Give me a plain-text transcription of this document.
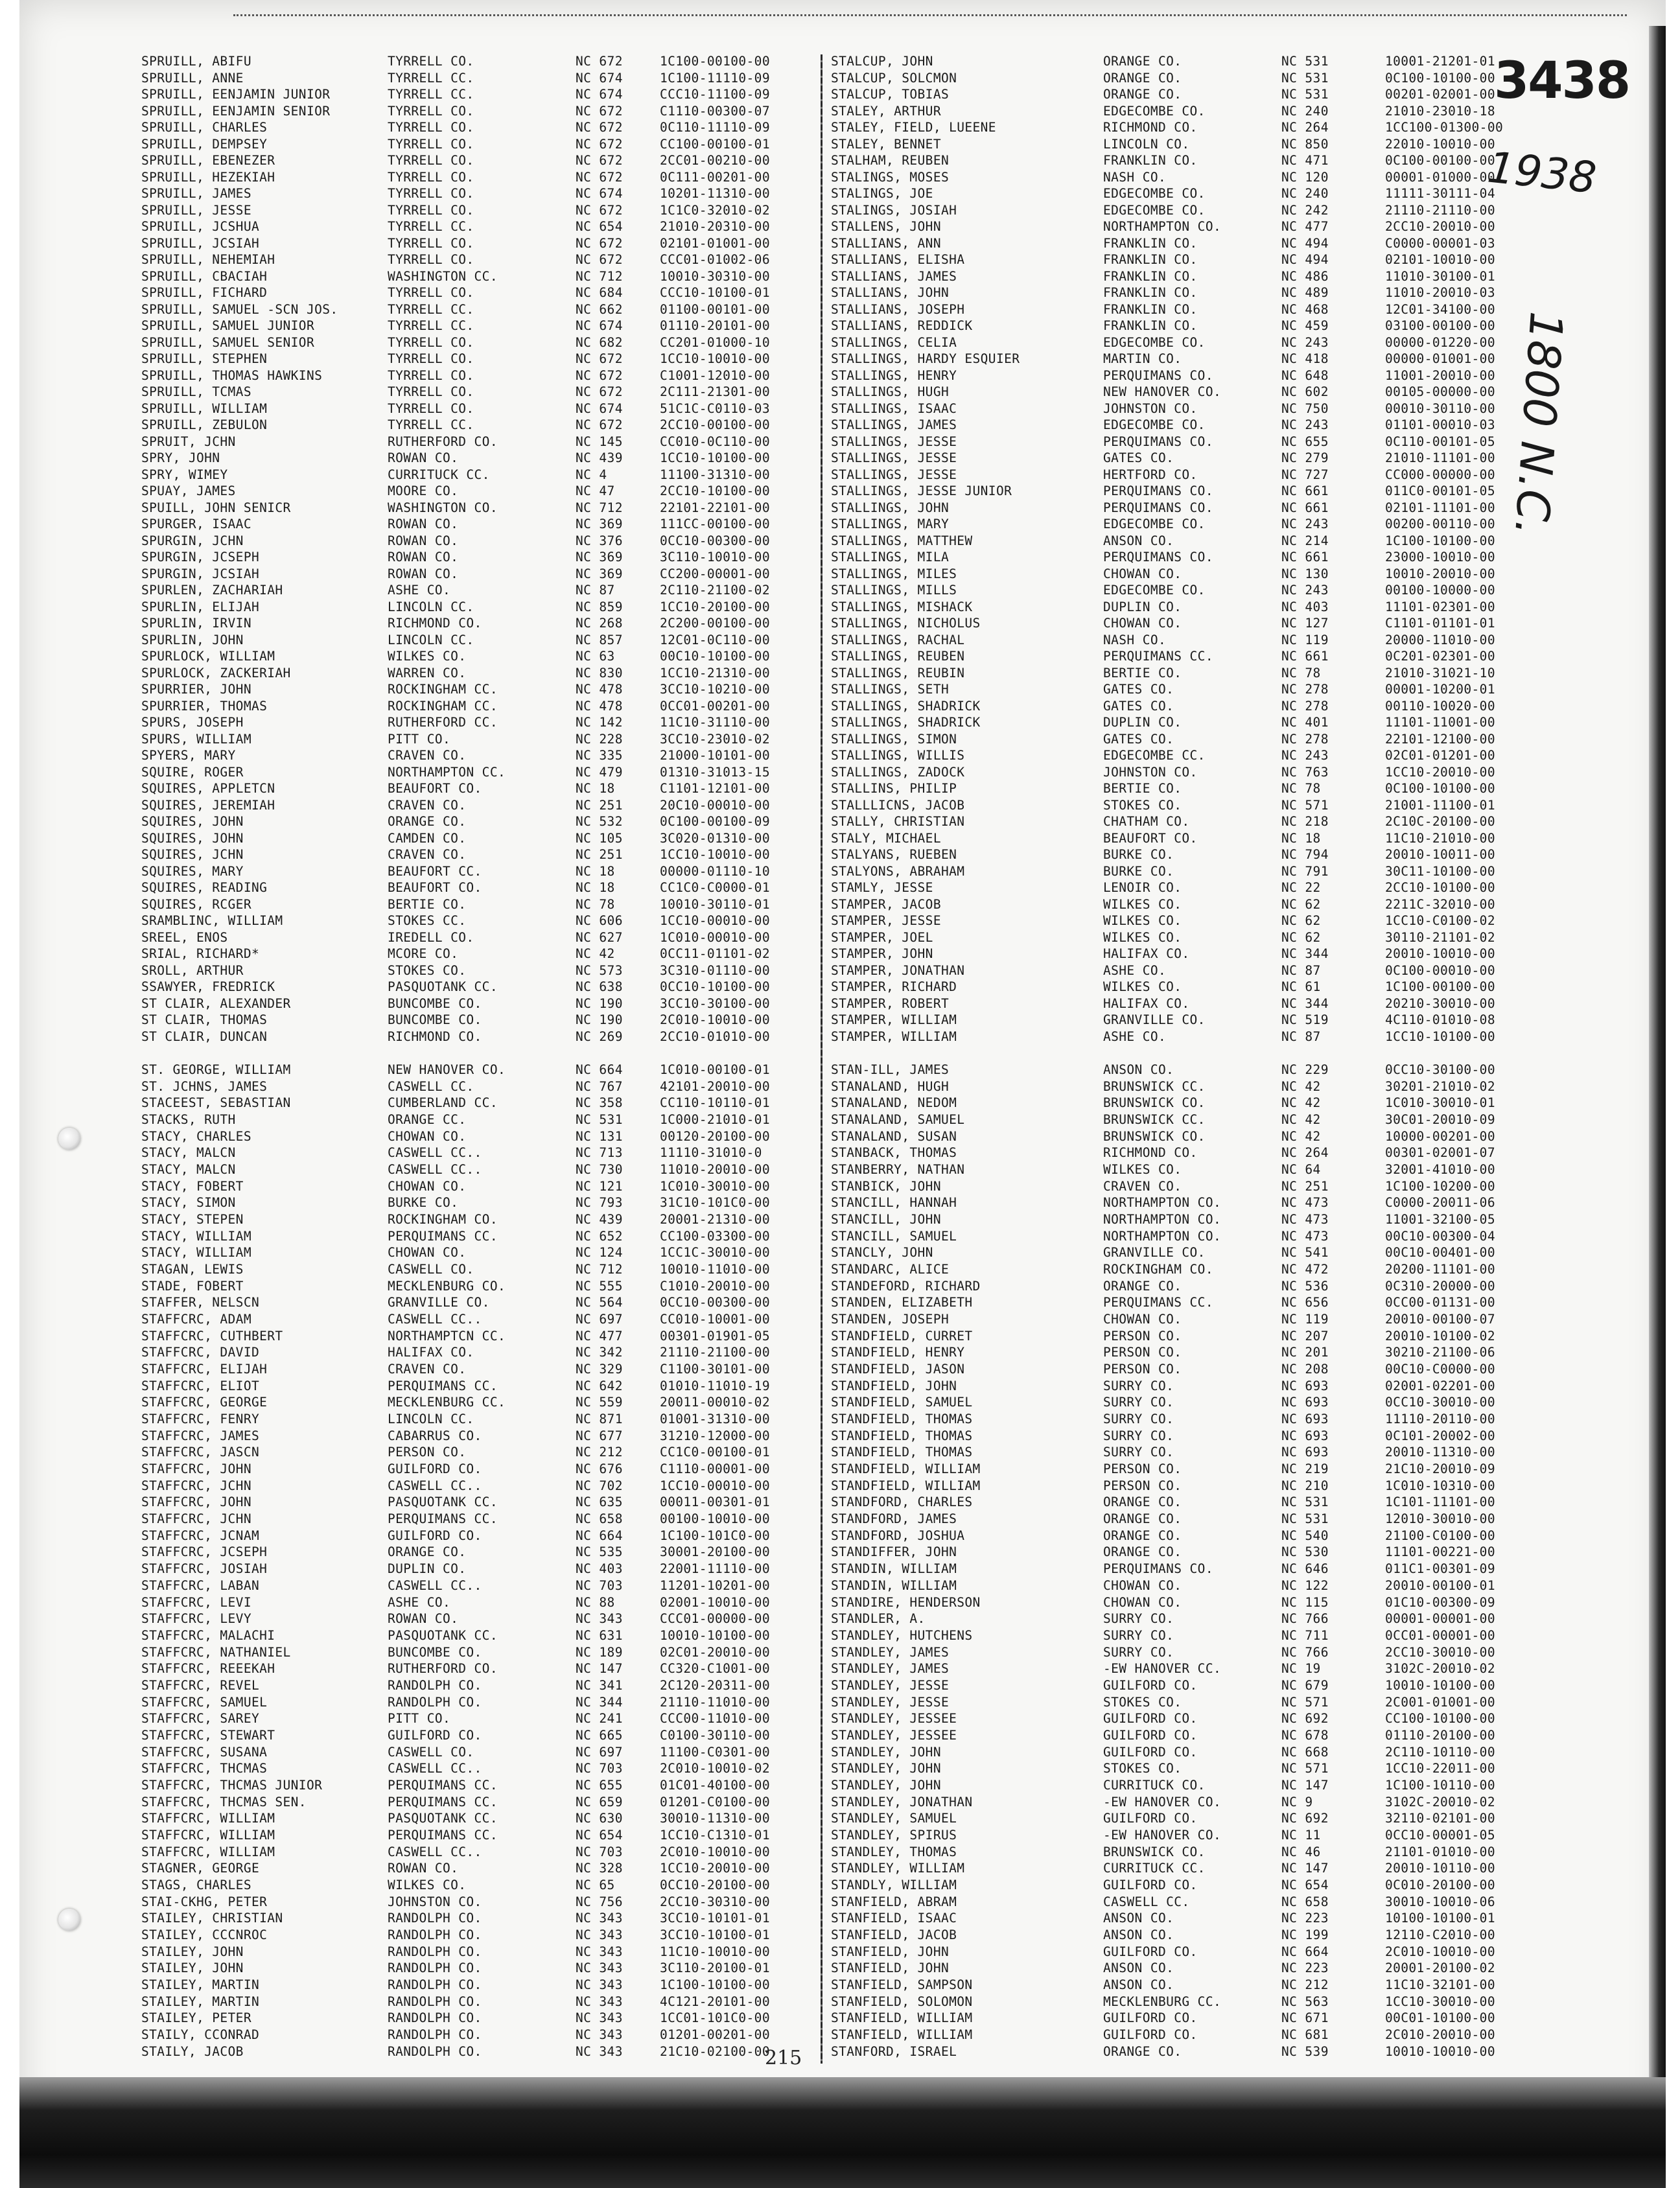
3438
1938
1800 N.C.
SPRUILL, ABIFU	TYRRELL CO.	NC 672	1C100-00100-00
SPRUILL, ANNE	TYRRELL CC.	NC 674	1C100-11110-09
SPRUILL, EENJAMIN JUNIOR	TYRRELL CC.	NC 674	CCC10-11100-09
SPRUILL, EENJAMIN SENIOR	TYRRELL CO.	NC 672	C1110-00300-07
SPRUILL, CHARLES	TYRRELL CO.	NC 672	0C110-11110-09
SPRUILL, DEMPSEY	TYRRELL CO.	NC 672	CC100-00100-01
SPRUILL, EBENEZER	TYRRELL CO.	NC 672	2CC01-00210-00
SPRUILL, HEZEKIAH	TYRRELL CO.	NC 672	0C111-00201-00
SPRUILL, JAMES	TYRRELL CO.	NC 674	10201-11310-00
SPRUILL, JESSE	TYRRELL CO.	NC 672	1C1C0-32010-02
SPRUILL, JCSHUA	TYRRELL CC.	NC 654	21010-20310-00
SPRUILL, JCSIAH	TYRRELL CO.	NC 672	02101-01001-00
SPRUILL, NEHEMIAH	TYRRELL CO.	NC 672	CCC01-01002-06
SPRUILL, CBACIAH	WASHINGTON CC.	NC 712	10010-30310-00
SPRUILL, FICHARD	TYRRELL CO.	NC 684	CCC10-10100-01
SPRUILL, SAMUEL -SCN JOS.	TYRRELL CC.	NC 662	01100-00101-00
SPRUILL, SAMUEL JUNIOR	TYRRELL CC.	NC 674	01110-20101-00
SPRUILL, SAMUEL SENIOR	TYRRELL CO.	NC 682	CC201-01000-10
SPRUILL, STEPHEN	TYRRELL CO.	NC 672	1CC10-10010-00
SPRUILL, THOMAS HAWKINS	TYRRELL CO.	NC 672	C1001-12010-00
SPRUILL, TCMAS	TYRRELL CO.	NC 672	2C111-21301-00
SPRUILL, WILLIAM	TYRRELL CO.	NC 674	51C1C-C0110-03
SPRUILL, ZEBULON	TYRRELL CC.	NC 672	2CC10-00100-00
SPRUIT, JCHN	RUTHERFORD CO.	NC 145	CC010-0C110-00
SPRY, JOHN	ROWAN CO.	NC 439	1CC10-10100-00
SPRY, WIMEY	CURRITUCK CC.	NC 4	11100-31310-00
SPUAY, JAMES	MOORE CO.	NC 47	2CC10-10100-00
SPUILL, JOHN SENICR	WASHINGTON CO.	NC 712	22101-22101-00
SPURGER, ISAAC	ROWAN CO.	NC 369	111CC-00100-00
SPURGIN, JCHN	ROWAN CO.	NC 376	0CC10-00300-00
SPURGIN, JCSEPH	ROWAN CO.	NC 369	3C110-10010-00
SPURGIN, JCSIAH	ROWAN CO.	NC 369	CC200-00001-00
SPURLEN, ZACHARIAH	ASHE CO.	NC 87	2C110-21100-02
SPURLIN, ELIJAH	LINCOLN CC.	NC 859	1CC10-20100-00
SPURLIN, IRVIN	RICHMOND CO.	NC 268	2C200-00100-00
SPURLIN, JOHN	LINCOLN CC.	NC 857	12C01-0C110-00
SPURLOCK, WILLIAM	WILKES CO.	NC 63	00C10-10100-00
SPURLOCK, ZACKERIAH	WARREN CO.	NC 830	1CC10-21310-00
SPURRIER, JOHN	ROCKINGHAM CC.	NC 478	3CC10-10210-00
SPURRIER, THOMAS	ROCKINGHAM CC.	NC 478	0CC01-00201-00
SPURS, JOSEPH	RUTHERFORD CC.	NC 142	11C10-31110-00
SPURS, WILLIAM	PITT CO.	NC 228	3CC10-23010-02
SPYERS, MARY	CRAVEN CO.	NC 335	21000-10101-00
SQUIRE, ROGER	NORTHAMPTON CC.	NC 479	01310-31013-15
SQUIRES, APPLETCN	BEAUFORT CO.	NC 18	C1101-12101-00
SQUIRES, JEREMIAH	CRAVEN CO.	NC 251	20C10-00010-00
SQUIRES, JOHN	ORANGE CO.	NC 532	0C100-00100-09
SQUIRES, JOHN	CAMDEN CO.	NC 105	3C020-01310-00
SQUIRES, JCHN	CRAVEN CO.	NC 251	1CC10-10010-00
SQUIRES, MARY	BEAUFORT CC.	NC 18	00000-01110-10
SQUIRES, READING	BEAUFORT CO.	NC 18	CC1C0-C0000-01
SQUIRES, RCGER	BERTIE CO.	NC 78	10010-30110-01
SRAMBLINC, WILLIAM	STOKES CC.	NC 606	1CC10-00010-00
SREEL, ENOS	IREDELL CO.	NC 627	1C010-00010-00
SRIAL, RICHARD*	MCORE CO.	NC 42	0CC11-01101-02
SROLL, ARTHUR	STOKES CO.	NC 573	3C310-01110-00
SSAWYER, FREDRICK	PASQUOTANK CC.	NC 638	0CC10-10100-00
ST CLAIR, ALEXANDER	BUNCOMBE CO.	NC 190	3CC10-30100-00
ST CLAIR, THOMAS	BUNCOMBE CO.	NC 190	2C010-10010-00
ST CLAIR, DUNCAN	RICHMOND CO.	NC 269	2CC10-01010-00
ST. GEORGE, WILLIAM	NEW HANOVER CO.	NC 664	1C010-00100-01
ST. JCHNS, JAMES	CASWELL CC.	NC 767	42101-20010-00
STACEEST, SEBASTIAN	CUMBERLAND CC.	NC 358	CC110-10110-01
STACKS, RUTH	ORANGE CC.	NC 531	1C000-21010-01
STACY, CHARLES	CHOWAN CO.	NC 131	00120-20100-00
STACY, MALCN	CASWELL CC..	NC 713	11110-31010-0
STACY, MALCN	CASWELL CC..	NC 730	11010-20010-00
STACY, FOBERT	CHOWAN CO.	NC 121	1C010-30010-00
STACY, SIMON	BURKE CO.	NC 793	31C10-101C0-00
STACY, STEPEN	ROCKINGHAM CO.	NC 439	20001-21310-00
STACY, WILLIAM	PERQUIMANS CC.	NC 652	CC100-03300-00
STACY, WILLIAM	CHOWAN CO.	NC 124	1CC1C-30010-00
STAGAN, LEWIS	CASWELL CO.	NC 712	10010-11010-00
STADE, FOBERT	MECKLENBURG CO.	NC 555	C1010-20010-00
STAFFER, NELSCN	GRANVILLE CO.	NC 564	0CC10-00300-00
STAFFCRC, ADAM	CASWELL CC..	NC 697	CC010-10001-00
STAFFCRC, CUTHBERT	NORTHAMPTCN CC.	NC 477	00301-01901-05
STAFFCRC, DAVID	HALIFAX CO.	NC 342	21110-21100-00
STAFFCRC, ELIJAH	CRAVEN CO.	NC 329	C1100-30101-00
STAFFCRC, ELIOT	PERQUIMANS CC.	NC 642	01010-11010-19
STAFFCRC, GEORGE	MECKLENBURG CC.	NC 559	20011-00010-02
STAFFCRC, FENRY	LINCOLN CC.	NC 871	01001-31310-00
STAFFCRC, JAMES	CABARRUS CO.	NC 677	31210-12000-00
STAFFCRC, JASCN	PERSON CO.	NC 212	CC1C0-00100-01
STAFFCRC, JOHN	GUILFORD CO.	NC 676	C1110-00001-00
STAFFCRC, JCHN	CASWELL CC..	NC 702	1CC10-00010-00
STAFFCRC, JOHN	PASQUOTANK CC.	NC 635	00011-00301-01
STAFFCRC, JCHN	PERQUIMANS CC.	NC 658	00100-10010-00
STAFFCRC, JCNAM	GUILFORD CO.	NC 664	1C100-101C0-00
STAFFCRC, JCSEPH	ORANGE CO.	NC 535	30001-20100-00
STAFFCRC, JOSIAH	DUPLIN CO.	NC 403	22001-11110-00
STAFFCRC, LABAN	CASWELL CC..	NC 703	11201-10201-00
STAFFCRC, LEVI	ASHE CO.	NC 88	02001-10010-00
STAFFCRC, LEVY	ROWAN CO.	NC 343	CCC01-00000-00
STAFFCRC, MALACHI	PASQUOTANK CC.	NC 631	10010-10100-00
STAFFCRC, NATHANIEL	BUNCOMBE CO.	NC 189	02C01-20010-00
STAFFCRC, REEEKAH	RUTHERFORD CO.	NC 147	CC320-C1001-00
STAFFCRC, REVEL	RANDOLPH CO.	NC 341	2C120-20311-00
STAFFCRC, SAMUEL	RANDOLPH CO.	NC 344	21110-11010-00
STAFFCRC, SAREY	PITT CO.	NC 241	CCC00-11010-00
STAFFCRC, STEWART	GUILFORD CO.	NC 665	C0100-30110-00
STAFFCRC, SUSANA	CASWELL CO.	NC 697	11100-C0301-00
STAFFCRC, THCMAS	CASWELL CC..	NC 703	2C010-10010-02
STAFFCRC, THCMAS JUNIOR	PERQUIMANS CC.	NC 655	01C01-40100-00
STAFFCRC, THCMAS SEN.	PERQUIMANS CC.	NC 659	01201-C0100-00
STAFFCRC, WILLIAM	PASQUOTANK CC.	NC 630	30010-11310-00
STAFFCRC, WILLIAM	PERQUIMANS CC.	NC 654	1CC10-C1310-01
STAFFCRC, WILLIAM	CASWELL CC..	NC 703	2C010-10010-00
STAGNER, GEORGE	ROWAN CO.	NC 328	1CC10-20010-00
STAGS, CHARLES	WILKES CO.	NC 65	0CC10-20100-00
STAI-CKHG, PETER	JOHNSTON CO.	NC 756	2CC10-30310-00
STAILEY, CHRISTIAN	RANDOLPH CO.	NC 343	3CC10-10101-01
STAILEY, CCCNROC	RANDOLPH CO.	NC 343	3CC10-10100-01
STAILEY, JOHN	RANDOLPH CO.	NC 343	11C10-10010-00
STAILEY, JOHN	RANDOLPH CO.	NC 343	3C110-20100-01
STAILEY, MARTIN	RANDOLPH CO.	NC 343	1C100-10100-00
STAILEY, MARTIN	RANDOLPH CO.	NC 343	4C121-20101-00
STAILEY, PETER	RANDOLPH CO.	NC 343	1CC01-101C0-00
STAILY, CCONRAD	RANDOLPH CO.	NC 343	01201-00201-00
STAILY, JACOB	RANDOLPH CO.	NC 343	21C10-02100-00
STALCUP, JOHN	ORANGE CO.	NC 531	10001-21201-01
STALCUP, SOLCMON	ORANGE CO.	NC 531	0C100-10100-00
STALCUP, TOBIAS	ORANGE CO.	NC 531	00201-02001-00
STALEY, ARTHUR	EDGECOMBE CO.	NC 240	21010-23010-18
STALEY, FIELD, LUEENE	RICHMOND CO.	NC 264	1CC100-01300-00
STALEY, BENNET	LINCOLN CO.	NC 850	22010-10010-00
STALHAM, REUBEN	FRANKLIN CO.	NC 471	0C100-00100-00
STALINGS, MOSES	NASH CO.	NC 120	00001-01000-00
STALINGS, JOE	EDGECOMBE CO.	NC 240	11111-30111-04
STALINGS, JOSIAH	EDGECOMBE CO.	NC 242	21110-21110-00
STALLENS, JOHN	NORTHAMPTON CO.	NC 477	2CC10-20010-00
STALLIANS, ANN	FRANKLIN CO.	NC 494	C0000-00001-03
STALLIANS, ELISHA	FRANKLIN CO.	NC 494	02101-10010-00
STALLIANS, JAMES	FRANKLIN CO.	NC 486	11010-30100-01
STALLIANS, JOHN	FRANKLIN CO.	NC 489	11010-20010-03
STALLIANS, JOSEPH	FRANKLIN CO.	NC 468	12C01-34100-00
STALLIANS, REDDICK	FRANKLIN CO.	NC 459	03100-00100-00
STALLINGS, CELIA	EDGECOMBE CO.	NC 243	00000-01220-00
STALLINGS, HARDY ESQUIER	MARTIN CO.	NC 418	00000-01001-00
STALLINGS, HENRY	PERQUIMANS CO.	NC 648	11001-20010-00
STALLINGS, HUGH	NEW HANOVER CO.	NC 602	00105-00000-00
STALLINGS, ISAAC	JOHNSTON CO.	NC 750	00010-30110-00
STALLINGS, JAMES	EDGECOMBE CO.	NC 243	01101-00010-03
STALLINGS, JESSE	PERQUIMANS CO.	NC 655	0C110-00101-05
STALLINGS, JESSE	GATES CO.	NC 279	21010-11101-00
STALLINGS, JESSE	HERTFORD CO.	NC 727	CC000-00000-00
STALLINGS, JESSE JUNIOR	PERQUIMANS CO.	NC 661	011C0-00101-05
STALLINGS, JOHN	PERQUIMANS CO.	NC 661	02101-11101-00
STALLINGS, MARY	EDGECOMBE CO.	NC 243	00200-00110-00
STALLINGS, MATTHEW	ANSON CO.	NC 214	1C100-10100-00
STALLINGS, MILA	PERQUIMANS CO.	NC 661	23000-10010-00
STALLINGS, MILES	CHOWAN CO.	NC 130	10010-20010-00
STALLINGS, MILLS	EDGECOMBE CO.	NC 243	00100-10000-00
STALLINGS, MISHACK	DUPLIN CO.	NC 403	11101-02301-00
STALLINGS, NICHOLUS	CHOWAN CO.	NC 127	C1101-01101-01
STALLINGS, RACHAL	NASH CO.	NC 119	20000-11010-00
STALLINGS, REUBEN	PERQUIMANS CC.	NC 661	0C201-02301-00
STALLINGS, REUBIN	BERTIE CO.	NC 78	21010-31021-10
STALLINGS, SETH	GATES CO.	NC 278	00001-10200-01
STALLINGS, SHADRICK	GATES CO.	NC 278	00110-10020-00
STALLINGS, SHADRICK	DUPLIN CO.	NC 401	11101-11001-00
STALLINGS, SIMON	GATES CO.	NC 278	22101-12100-00
STALLINGS, WILLIS	EDGECOMBE CC.	NC 243	02C01-01201-00
STALLINGS, ZADOCK	JOHNSTON CO.	NC 763	1CC10-20010-00
STALLINS, PHILIP	BERTIE CO.	NC 78	0C100-10100-00
STALLLICNS, JACOB	STOKES CO.	NC 571	21001-11100-01
STALLY, CHRISTIAN	CHATHAM CO.	NC 218	2C10C-20100-00
STALY, MICHAEL	BEAUFORT CO.	NC 18	11C10-21010-00
STALYANS, RUEBEN	BURKE CO.	NC 794	20010-10011-00
STALYONS, ABRAHAM	BURKE CO.	NC 791	30C11-10100-00
STAMLY, JESSE	LENOIR CO.	NC 22	2CC10-10100-00
STAMPER, JACOB	WILKES CO.	NC 62	2211C-32010-00
STAMPER, JESSE	WILKES CO.	NC 62	1CC10-C0100-02
STAMPER, JOEL	WILKES CO.	NC 62	30110-21101-02
STAMPER, JOHN	HALIFAX CO.	NC 344	20010-10010-00
STAMPER, JONATHAN	ASHE CO.	NC 87	0C100-00010-00
STAMPER, RICHARD	WILKES CO.	NC 61	1C100-00100-00
STAMPER, ROBERT	HALIFAX CO.	NC 344	20210-30010-00
STAMPER, WILLIAM	GRANVILLE CO.	NC 519	4C110-01010-08
STAMPER, WILLIAM	ASHE CO.	NC 87	1CC10-10100-00
STAN-ILL, JAMES	ANSON CO.	NC 229	0CC10-30100-00
STANALAND, HUGH	BRUNSWICK CC.	NC 42	30201-21010-02
STANALAND, NEDOM	BRUNSWICK CO.	NC 42	1C010-30010-01
STANALAND, SAMUEL	BRUNSWICK CC.	NC 42	30C01-20010-09
STANALAND, SUSAN	BRUNSWICK CO.	NC 42	10000-00201-00
STANBACK, THOMAS	RICHMOND CO.	NC 264	00301-02001-07
STANBERRY, NATHAN	WILKES CO.	NC 64	32001-41010-00
STANBICK, JOHN	CRAVEN CO.	NC 251	1C100-10200-00
STANCILL, HANNAH	NORTHAMPTON CO.	NC 473	C0000-20011-06
STANCILL, JOHN	NORTHAMPTON CO.	NC 473	11001-32100-05
STANCILL, SAMUEL	NORTHAMPTON CO.	NC 473	00C10-00300-04
STANCLY, JOHN	GRANVILLE CO.	NC 541	00C10-00401-00
STANDARC, ALICE	ROCKINGHAM CO.	NC 472	20200-11101-00
STANDEFORD, RICHARD	ORANGE CO.	NC 536	0C310-20000-00
STANDEN, ELIZABETH	PERQUIMANS CC.	NC 656	0CC00-01131-00
STANDEN, JOSEPH	CHOWAN CO.	NC 119	20010-00100-07
STANDFIELD, CURRET	PERSON CO.	NC 207	20010-10100-02
STANDFIELD, HENRY	PERSON CO.	NC 201	30210-21100-06
STANDFIELD, JASON	PERSON CO.	NC 208	00C10-C0000-00
STANDFIELD, JOHN	SURRY CO.	NC 693	02001-02201-00
STANDFIELD, SAMUEL	SURRY CO.	NC 693	0CC10-30010-00
STANDFIELD, THOMAS	SURRY CO.	NC 693	11110-20110-00
STANDFIELD, THOMAS	SURRY CO.	NC 693	0C101-20002-00
STANDFIELD, THOMAS	SURRY CO.	NC 693	20010-11310-00
STANDFIELD, WILLIAM	PERSON CO.	NC 219	21C10-20010-09
STANDFIELD, WILLIAM	PERSON CO.	NC 210	1C010-10310-00
STANDFORD, CHARLES	ORANGE CO.	NC 531	1C101-11101-00
STANDFORD, JAMES	ORANGE CO.	NC 531	12010-30010-00
STANDFORD, JOSHUA	ORANGE CO.	NC 540	21100-C0100-00
STANDIFFER, JOHN	ORANGE CO.	NC 530	11101-00221-00
STANDIN, WILLIAM	PERQUIMANS CO.	NC 646	011C1-00301-09
STANDIN, WILLIAM	CHOWAN CO.	NC 122	20010-00100-01
STANDIRE, HENDERSON	CHOWAN CO.	NC 115	01C10-00300-09
STANDLER, A.	SURRY CO.	NC 766	00001-00001-00
STANDLEY, HUTCHENS	SURRY CO.	NC 711	0CC01-00001-00
STANDLEY, JAMES	SURRY CO.	NC 766	2CC10-30010-00
STANDLEY, JAMES	-EW HANOVER CC.	NC 19	3102C-20010-02
STANDLEY, JESSE	GUILFORD CO.	NC 679	10010-10100-00
STANDLEY, JESSE	STOKES CO.	NC 571	2C001-01001-00
STANDLEY, JESSEE	GUILFORD CO.	NC 692	CC100-10100-00
STANDLEY, JESSEE	GUILFORD CO.	NC 678	01110-20100-00
STANDLEY, JOHN	GUILFORD CO.	NC 668	2C110-10110-00
STANDLEY, JOHN	STOKES CO.	NC 571	1CC10-22011-00
STANDLEY, JOHN	CURRITUCK CO.	NC 147	1C100-10110-00
STANDLEY, JONATHAN	-EW HANOVER CO.	NC 9	3102C-20010-02
STANDLEY, SAMUEL	GUILFORD CO.	NC 692	32110-02101-00
STANDLEY, SPIRUS	-EW HANOVER CO.	NC 11	0CC10-00001-05
STANDLEY, THOMAS	BRUNSWICK CO.	NC 46	21101-01010-00
STANDLEY, WILLIAM	CURRITUCK CC.	NC 147	20010-10110-00
STANDLY, WILLIAM	GUILFORD CO.	NC 654	0C010-20100-00
STANFIELD, ABRAM	CASWELL CC.	NC 658	30010-10010-06
STANFIELD, ISAAC	ANSON CO.	NC 223	10100-10100-01
STANFIELD, JACOB	ANSON CO.	NC 199	12110-C2010-00
STANFIELD, JOHN	GUILFORD CO.	NC 664	2C010-10010-00
STANFIELD, JOHN	ANSON CO.	NC 223	20001-20100-02
STANFIELD, SAMPSON	ANSON CO.	NC 212	11C10-32101-00
STANFIELD, SOLOMON	MECKLENBURG CC.	NC 563	1CC10-30010-00
STANFIELD, WILLIAM	GUILFORD CO.	NC 671	00C01-10100-00
STANFIELD, WILLIAM	GUILFORD CO.	NC 681	2C010-20010-00
STANFORD, ISRAEL	ORANGE CO.	NC 539	10010-10010-00
215
